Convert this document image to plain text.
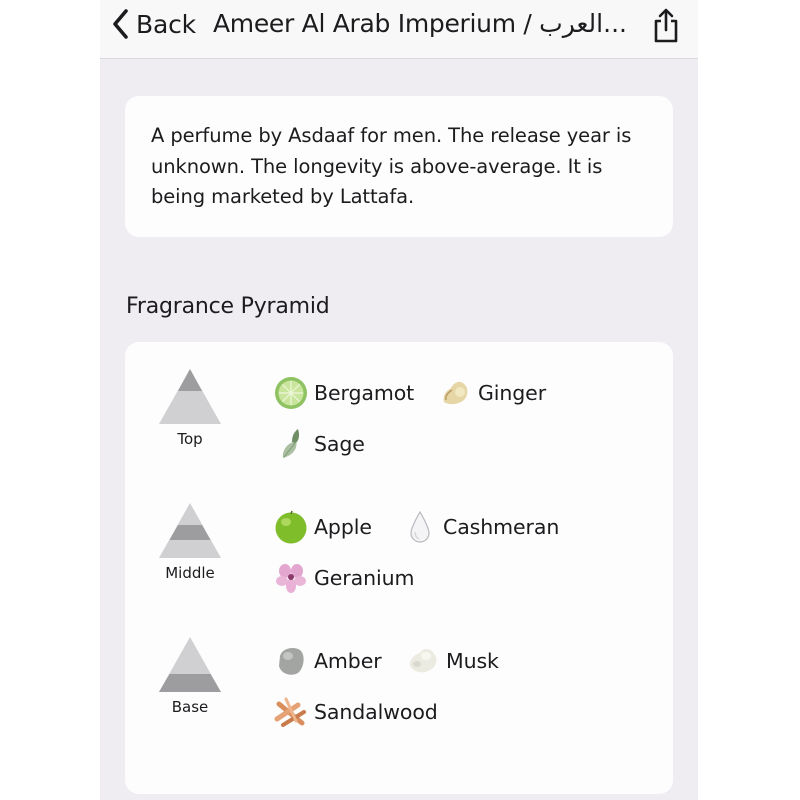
Back Ameer Al Arab Imperium / العرب...
A perfume by Asdaaf for men. The release year is unknown. The longevity is above-average. It is being marketed by Lattafa.
Fragrance Pyramid
Top
Bergamot	Ginger
Sage
Middle
Apple	Cashmeran
Geranium
Base
Amber	Musk
Sandalwood
